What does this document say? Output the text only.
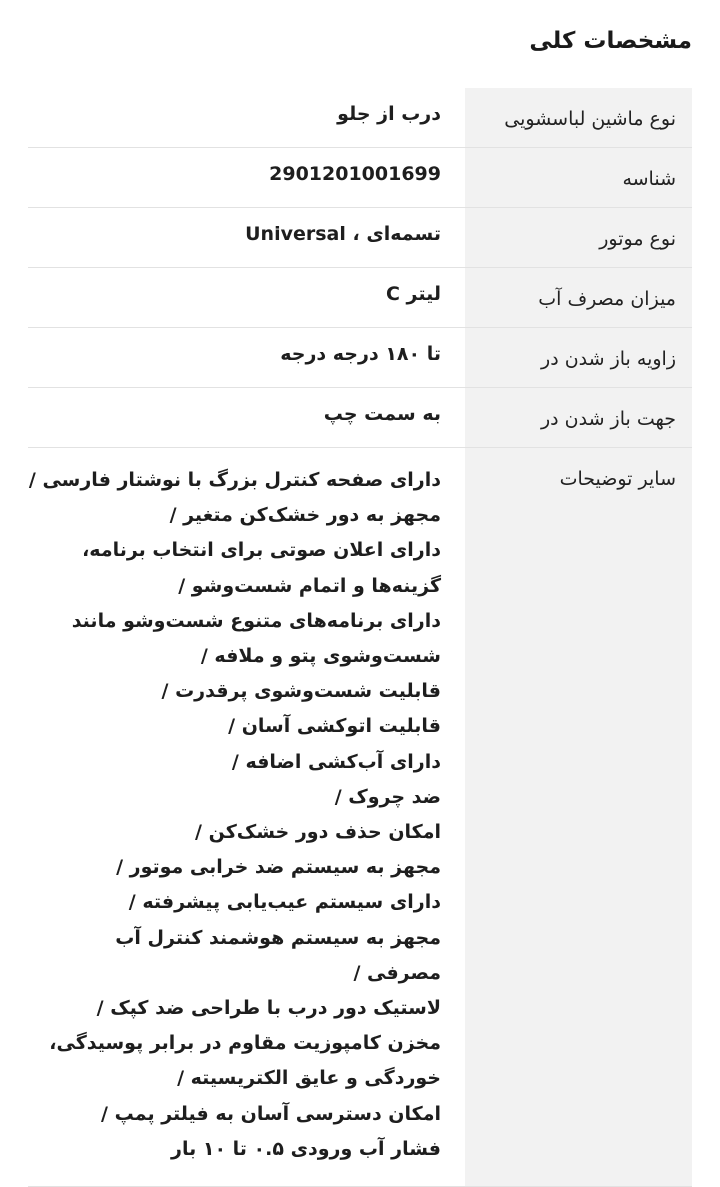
مشخصات کلی
نوع ماشین لباسشویی
درب از جلو
شناسه
2901201001699
نوع موتور
تسمه‌ای ، Universal
میزان مصرف آب
لیتر C
زاویه باز شدن در
تا ۱۸۰ درجه درجه
جهت باز شدن در
به سمت چپ
سایر توضیحات
دارای صفحه کنترل بزرگ با نوشتار فارسی /
مجهز به دور خشک‌کن متغیر /
دارای اعلان صوتی برای انتخاب برنامه،
گزینه‌ها و اتمام شست‌وشو /
دارای برنامه‌های متنوع شست‌وشو مانند
شست‌وشوی پتو و ملافه /
قابلیت شست‌وشوی پرقدرت /
قابلیت اتوکشی آسان /
دارای آب‌کشی اضافه /
ضد چروک /
امکان حذف دور خشک‌کن /
مجهز به سیستم ضد خرابی موتور /
دارای سیستم عیب‌یابی پیشرفته /
مجهز به سیستم هوشمند کنترل آب
مصرفی /
لاستیک دور درب با طراحی ضد کپک /
مخزن کامپوزیت مقاوم در برابر پوسیدگی،
خوردگی و عایق الکتریسیته /
امکان دسترسی آسان به فیلتر پمپ /
فشار آب ورودی ۰.۵ تا ۱۰ بار
